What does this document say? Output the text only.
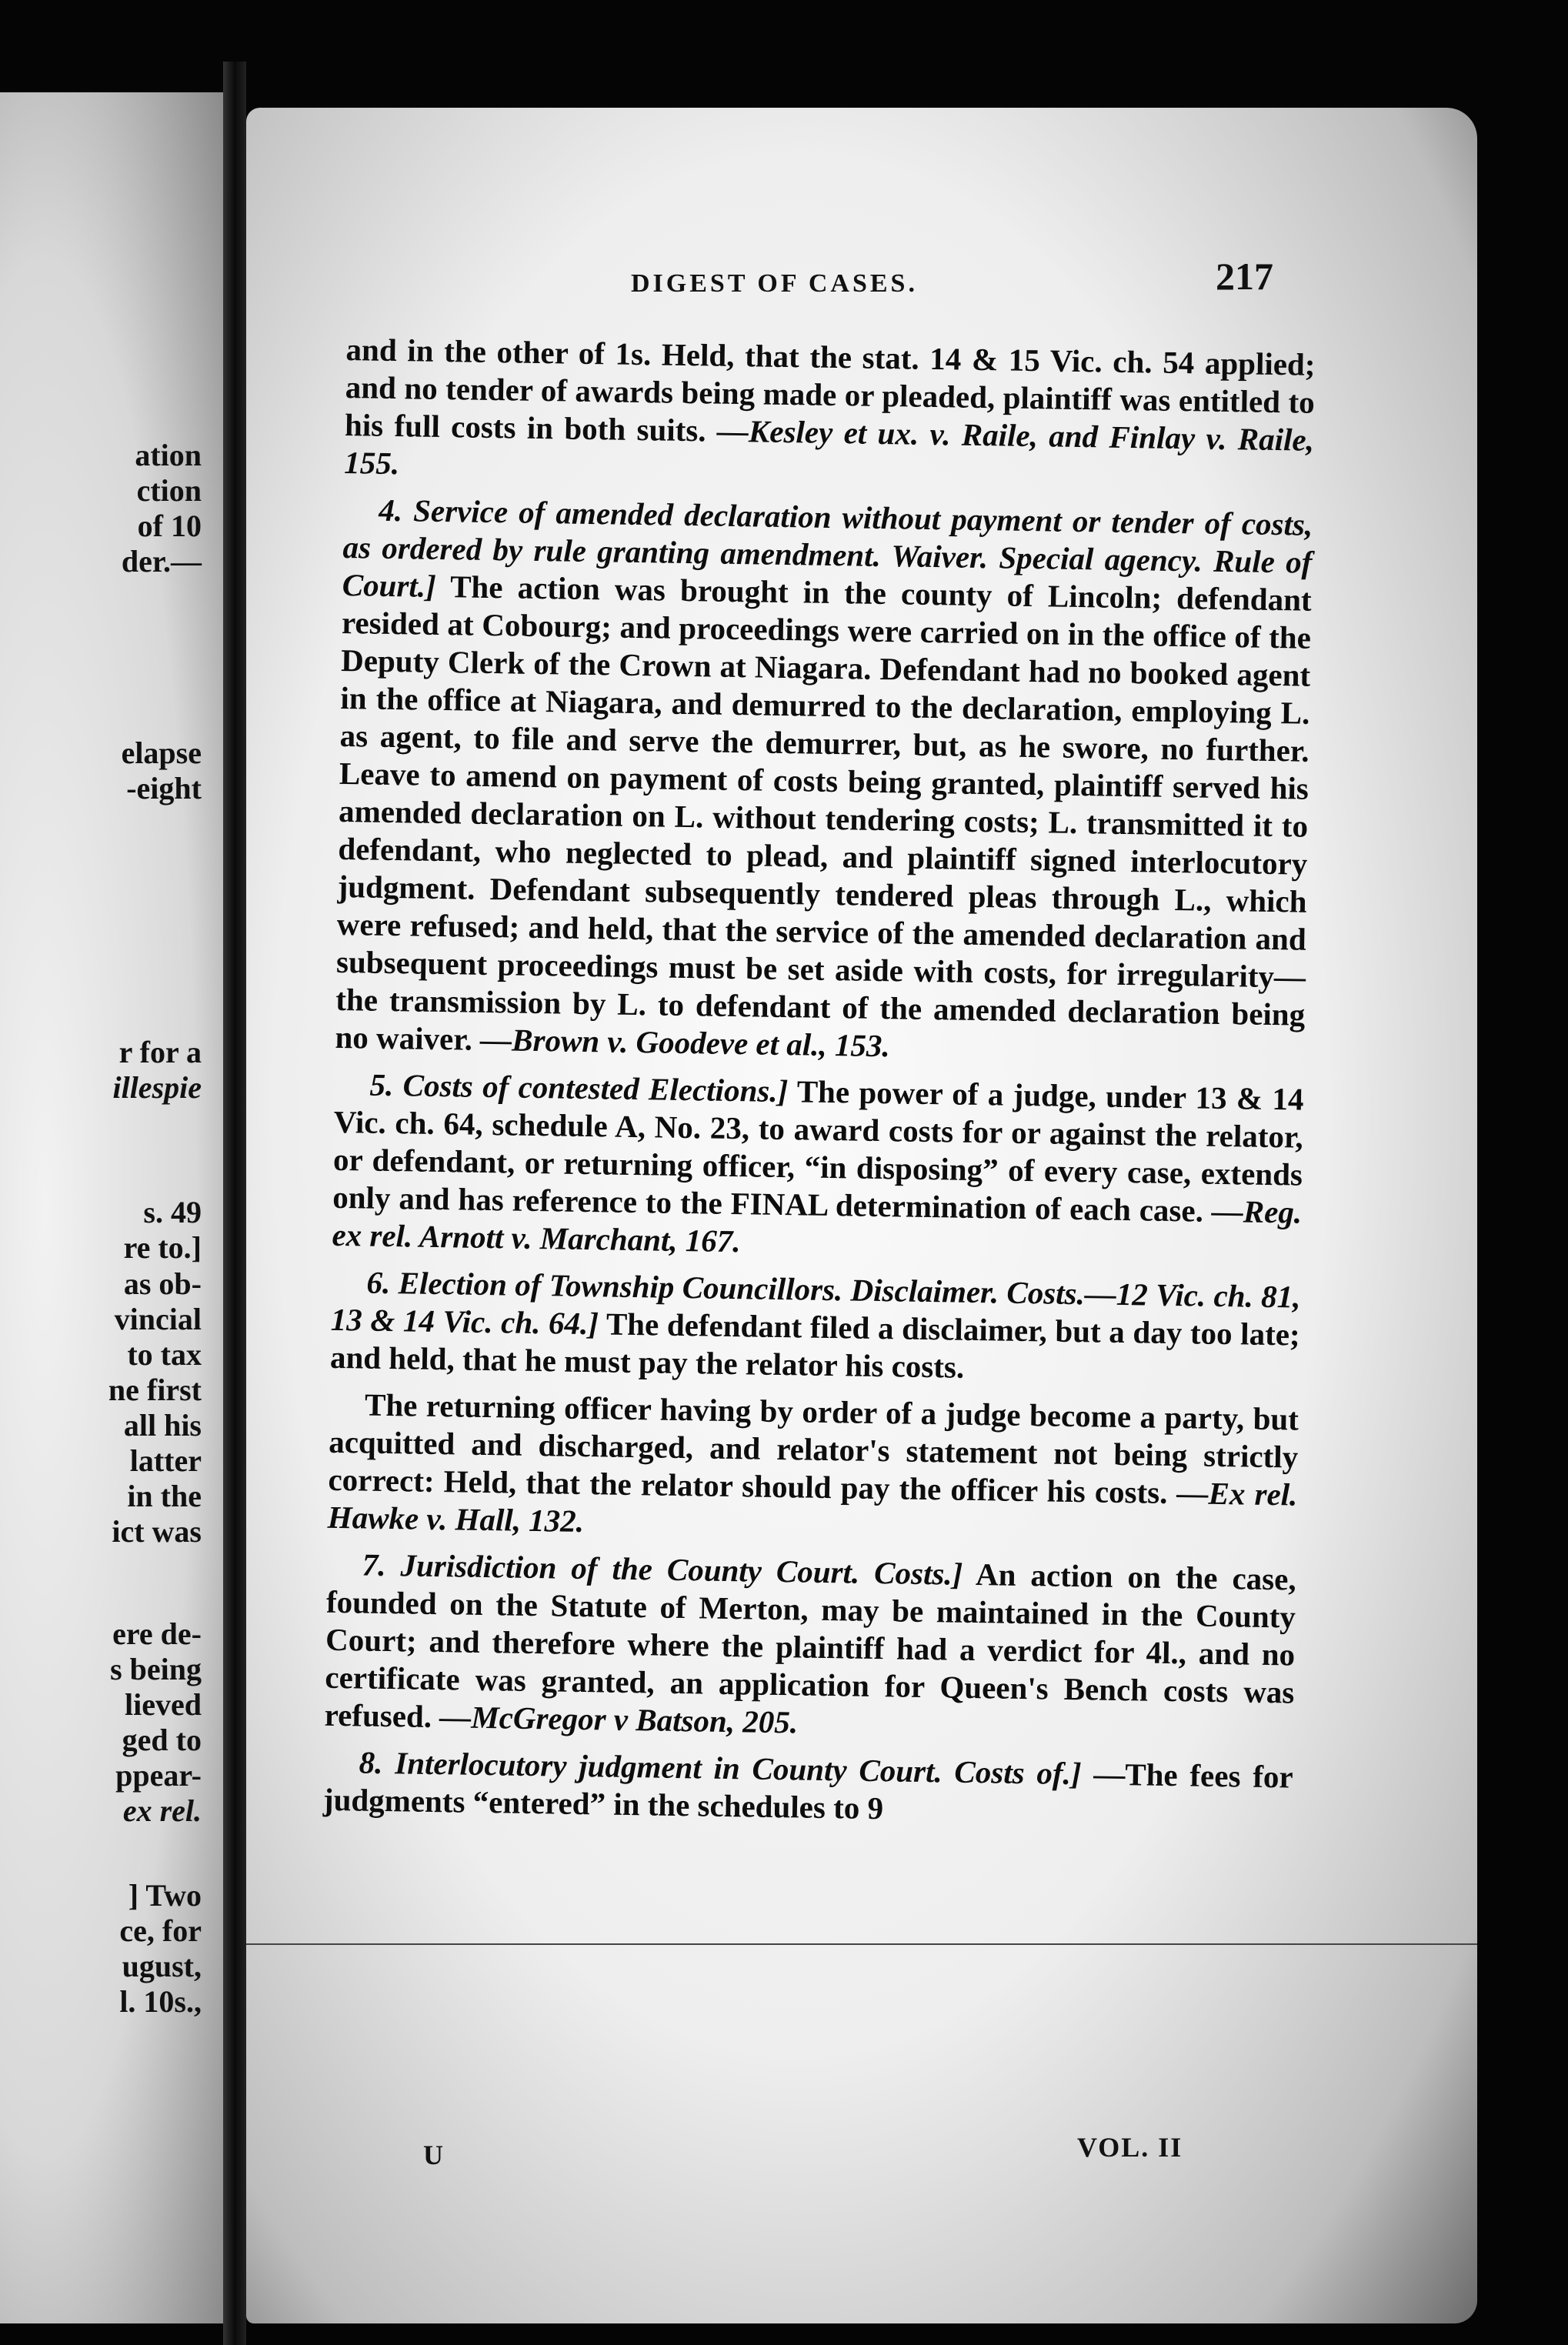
ation
ction
of 10
der.—
elapse
-eight
r for a
illespie
s. 49
re to.]
as ob-
vincial
to tax
ne first
all his
latter
in the
ict was
ere de-
s being
lieved
ged to
ppear-
ex rel.
] Two
ce, for
ugust,
l. 10s.,
DIGEST OF CASES.	217

and in the other of 1s. Held, that the stat. 14 & 15 Vic. ch. 54 applied; and no tender of awards being made or pleaded, plaintiff was entitled to his full costs in both suits. —Kesley et ux. v. Raile, and Finlay v. Raile, 155.

4. Service of amended declaration without payment or tender of costs, as ordered by rule granting amendment. Waiver. Special agency. Rule of Court.] The action was brought in the county of Lincoln; defendant resided at Cobourg; and proceedings were carried on in the office of the Deputy Clerk of the Crown at Niagara. Defendant had no booked agent in the office at Niagara, and demurred to the declaration, employing L. as agent, to file and serve the demurrer, but, as he swore, no further. Leave to amend on payment of costs being granted, plaintiff served his amended declaration on L. without tendering costs; L. transmitted it to defendant, who neglected to plead, and plaintiff signed interlocutory judgment. Defendant subsequently tendered pleas through L., which were refused; and held, that the service of the amended declaration and subsequent proceedings must be set aside with costs, for irregularity—the transmission by L. to defendant of the amended declaration being no waiver. —Brown v. Goodeve et al., 153.

5. Costs of contested Elections.] The power of a judge, under 13 & 14 Vic. ch. 64, schedule A, No. 23, to award costs for or against the relator, or defendant, or returning officer, “in disposing” of every case, extends only and has reference to the FINAL determination of each case. —Reg. ex rel. Arnott v. Marchant, 167.

6. Election of Township Councillors. Disclaimer. Costs.—12 Vic. ch. 81, 13 & 14 Vic. ch. 64.] The defendant filed a disclaimer, but a day too late; and held, that he must pay the relator his costs.

The returning officer having by order of a judge become a party, but acquitted and discharged, and relator's statement not being strictly correct: Held, that the relator should pay the officer his costs. —Ex rel. Hawke v. Hall, 132.

7. Jurisdiction of the County Court. Costs.] An action on the case, founded on the Statute of Merton, may be maintained in the County Court; and therefore where the plaintiff had a verdict for 4l., and no certificate was granted, an application for Queen's Bench costs was refused. —McGregor v Batson, 205.

8. Interlocutory judgment in County Court. Costs of.] —The fees for judgments “entered” in the schedules to 9

U	VOL. II
